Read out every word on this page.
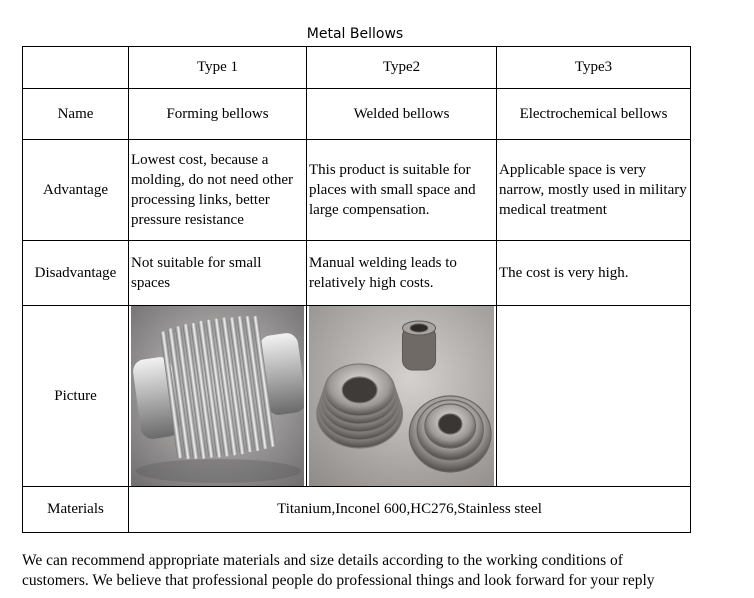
Metal Bellows
	Type 1	Type2	Type3
Name	Forming bellows	Welded bellows	Electrochemical bellows
Advantage	Lowest cost, because a molding, do not need other processing links, better pressure resistance	This product is suitable for places with small space and large compensation.	Applicable space is very narrow, mostly used in military medical treatment
Disadvantage	Not suitable for small spaces	Manual welding leads to relatively high costs.	The cost is very high.
Picture	

Materials	Titanium,Inconel 600,HC276,Stainless steel		
We can recommend appropriate materials and size details according to the working conditions of
customers. We believe that professional people do professional things and look forward for your reply
